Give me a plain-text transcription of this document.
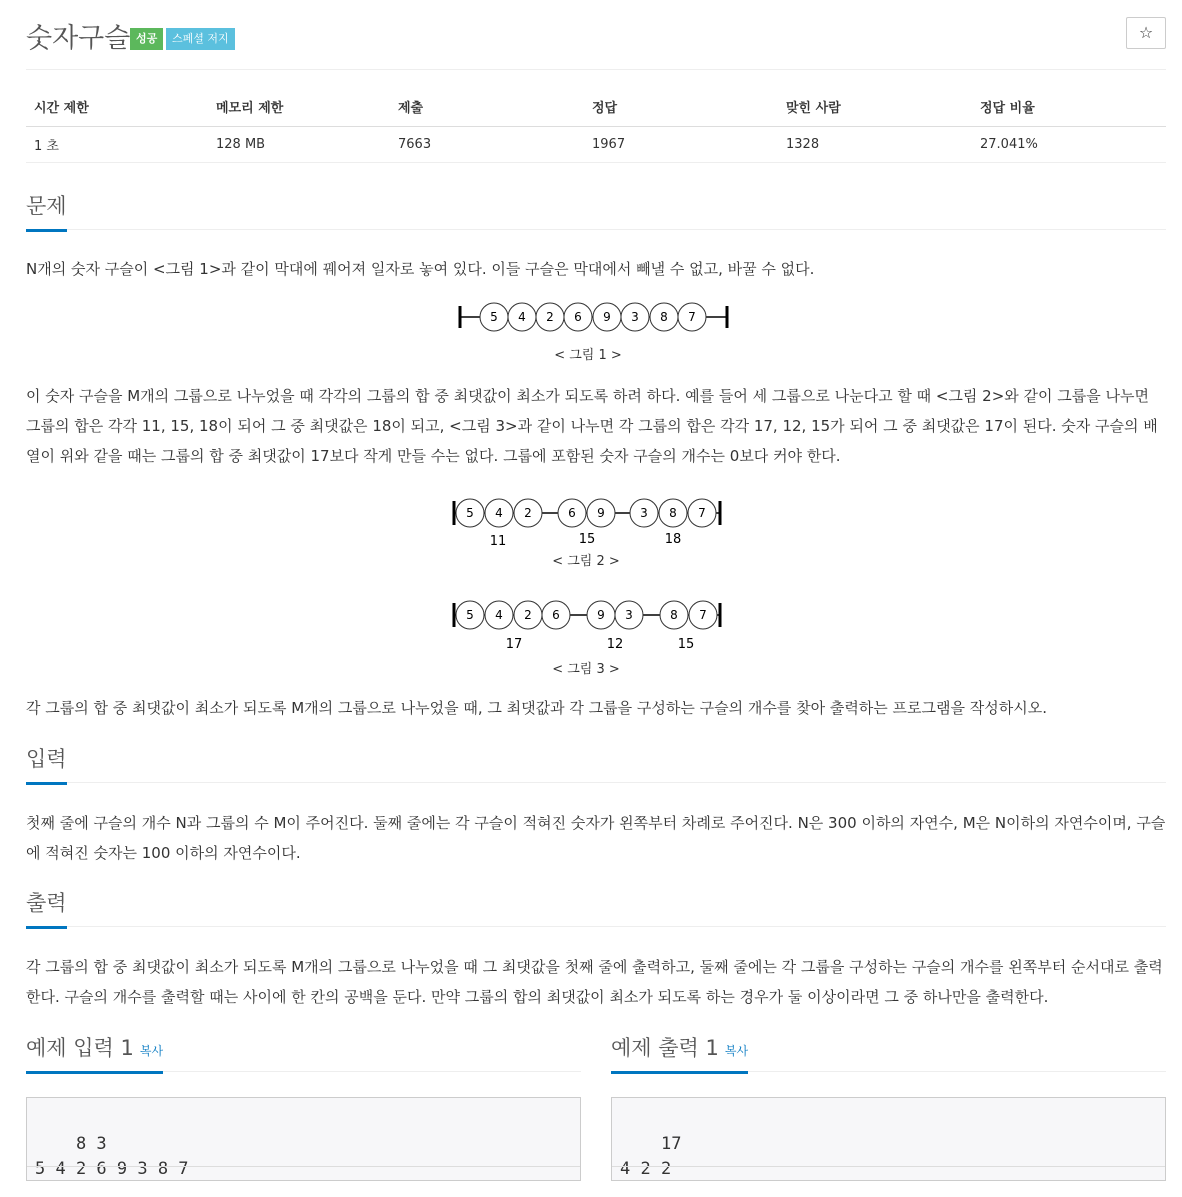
숫자구슬 성공	스페셜 저지	☆
시간 제한	메모리 제한	제출	정답	맞힌 사람	정답 비율
1 초	128 MB	7663	1967	1328	27.041%
문제

N개의 숫자 구슬이 <그림 1>과 같이 막대에 꿰어져 일자로 놓여 있다. 이들 구슬은 막대에서 빼낼 수 없고, 바꿀 수 없다.

5 4 2 6 9 3 8 7
< 그림 1 >

이 숫자 구슬을 M개의 그룹으로 나누었을 때 각각의 그룹의 합 중 최댓값이 최소가 되도록 하려 하다. 예를 들어 세 그룹으로 나눈다고 할 때 <그림 2>와 같이 그룹을 나누면 그룹의 합은 각각 11, 15, 18이 되어 그 중 최댓값은 18이 되고, <그림 3>과 같이 나누면 각 그룹의 합은 각각 17, 12, 15가 되어 그 중 최댓값은 17이 된다. 숫자 구슬의 배열이 위와 같을 때는 그룹의 합 중 최댓값이 17보다 작게 만들 수는 없다. 그룹에 포함된 숫자 구슬의 개수는 0보다 커야 한다.

5 4 2	6 9	3 8 7
11	15	18
< 그림 2 >
5 4 2 6	9 3	8 7
17	12	15
< 그림 3 >

각 그룹의 합 중 최댓값이 최소가 되도록 M개의 그룹으로 나누었을 때, 그 최댓값과 각 그룹을 구성하는 구슬의 개수를 찾아 출력하는 프로그램을 작성하시오.

입력

첫째 줄에 구슬의 개수 N과 그룹의 수 M이 주어진다. 둘째 줄에는 각 구슬이 적혀진 숫자가 왼쪽부터 차례로 주어진다. N은 300 이하의 자연수, M은 N이하의 자연수이며, 구슬에 적혀진 숫자는 100 이하의 자연수이다.

출력

각 그룹의 합 중 최댓값이 최소가 되도록 M개의 그룹으로 나누었을 때 그 최댓값을 첫째 줄에 출력하고, 둘째 줄에는 각 그룹을 구성하는 구슬의 개수를 왼쪽부터 순서대로 출력한다. 구슬의 개수를 출력할 때는 사이에 한 칸의 공백을 둔다. 만약 그룹의 합의 최댓값이 최소가 되도록 하는 경우가 둘 이상이라면 그 중 하나만을 출력한다.

예제 입력 1 복사	예제 출력 1 복사

8 3
5 4 2 6 9 3 8 7

17
4 2 2
